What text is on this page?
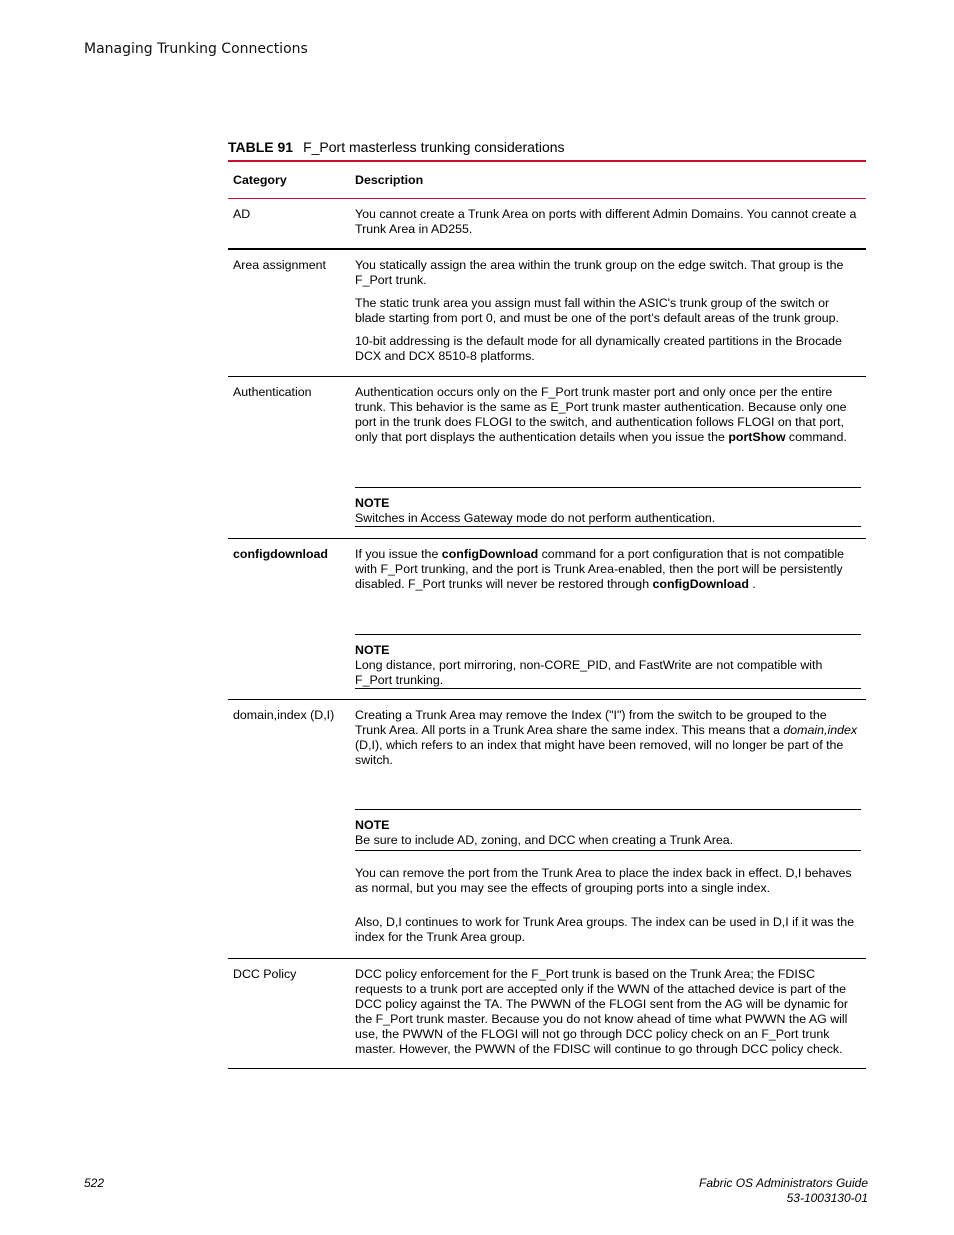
Managing Trunking Connections
TABLE 91 F_Port masterless trunking considerations
Category	Description
AD	You cannot create a Trunk Area on ports with different Admin Domains. You cannot create a Trunk Area in AD255.

Area assignment	You statically assign the area within the trunk group on the edge switch. That group is the F_Port trunk.

The static trunk area you assign must fall within the ASIC's trunk group of the switch or blade starting from port 0, and must be one of the port’s default areas of the trunk group.

10-bit addressing is the default mode for all dynamically created partitions in the Brocade DCX and DCX 8510-8 platforms.

Authentication	Authentication occurs only on the F_Port trunk master port and only once per the entire trunk. This behavior is the same as E_Port trunk master authentication. Because only one port in the trunk does FLOGI to the switch, and authentication follows FLOGI on that port, only that port displays the authentication details when you issue the portShow command.

NOTE

Switches in Access Gateway mode do not perform authentication.

configdownload	If you issue the configDownload command for a port configuration that is not compatible with F_Port trunking, and the port is Trunk Area-enabled, then the port will be persistently disabled. F_Port trunks will never be restored through configDownload .

NOTE

Long distance, port mirroring, non-CORE_PID, and FastWrite are not compatible with F_Port trunking.

domain,index (D,I)	Creating a Trunk Area may remove the Index ("I") from the switch to be grouped to the Trunk Area. All ports in a Trunk Area share the same index. This means that a domain,index (D,I), which refers to an index that might have been removed, will no longer be part of the switch.

NOTE

Be sure to include AD, zoning, and DCC when creating a Trunk Area.

You can remove the port from the Trunk Area to place the index back in effect. D,I behaves as normal, but you may see the effects of grouping ports into a single index.

Also, D,I continues to work for Trunk Area groups. The index can be used in D,I if it was the index for the Trunk Area group.

DCC Policy	DCC policy enforcement for the F_Port trunk is based on the Trunk Area; the FDISC requests to a trunk port are accepted only if the WWN of the attached device is part of the DCC policy against the TA. The PWWN of the FLOGI sent from the AG will be dynamic for the F_Port trunk master. Because you do not know ahead of time what PWWN the AG will use, the PWWN of the FLOGI will not go through DCC policy check on an F_Port trunk master. However, the PWWN of the FDISC will continue to go through DCC policy check.

522	Fabric OS Administrators Guide
53-1003130-01
